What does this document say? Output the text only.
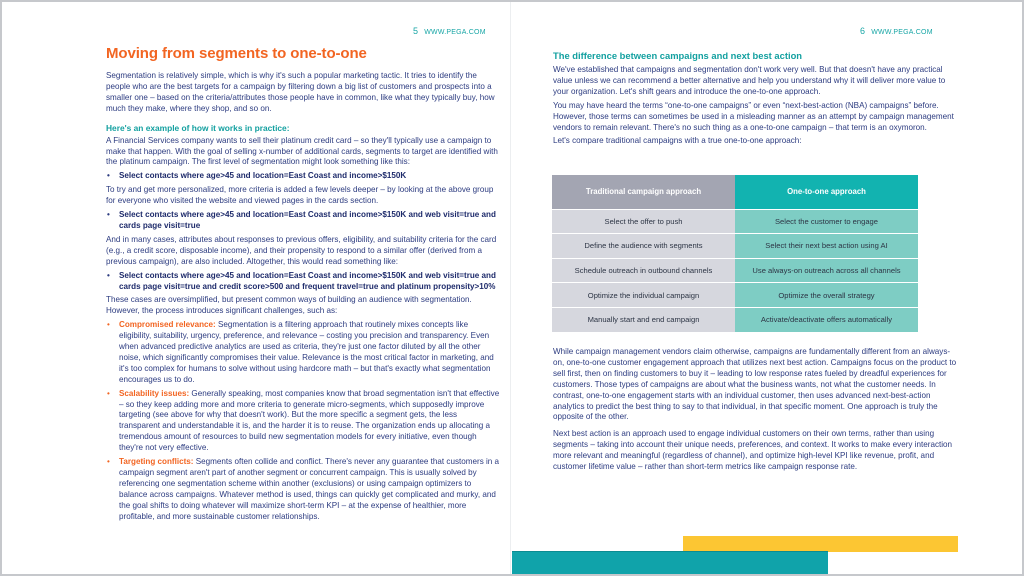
5 WWW.PEGA.COM
Moving from segments to one-to-one

Segmentation is relatively simple, which is why it's such a popular marketing tactic. It tries to identify the people who are the best targets for a campaign by filtering down a big list of customers and prospects into a smaller one – based on the criteria/attributes those people have in common, like what they typically buy, how much they make, where they shop, and so on.

Here's an example of how it works in practice:

A Financial Services company wants to sell their platinum credit card – so they'll typically use a campaign to make that happen. With the goal of selling x-number of additional cards, segments to target are identified with the platinum campaign. The first level of segmentation might look something like this:

• Select contacts where age>45 and location=East Coast and income>$150K

To try and get more personalized, more criteria is added a few levels deeper – by looking at the above group for everyone who visited the website and viewed pages in the cards section.

• Select contacts where age>45 and location=East Coast and income>$150K and web visit=true and cards page visit=true

And in many cases, attributes about responses to previous offers, eligibility, and suitability criteria for the card (e.g., a credit score, disposable income), and their propensity to respond to a similar offer (derived from a previous campaign), are also included. Altogether, this would read something like:

• Select contacts where age>45 and location=East Coast and income>$150K and web visit=true and cards page visit=true and credit score>500 and frequent travel=true and platinum propensity>10%

These cases are oversimplified, but present common ways of building an audience with segmentation. However, the process introduces significant challenges, such as:

• Compromised relevance: Segmentation is a filtering approach that routinely mixes concepts like eligibility, suitability, urgency, preference, and relevance – costing you precision and transparency. Even when advanced predictive analytics are used as criteria, they're just one factor diluted by all the other noise, which significantly compromises their value. Relevance is the most critical factor in marketing, and it's too complex for humans to solve without using hardcore math – but that's exactly what segmentation encourages us to do.
• Scalability issues: Generally speaking, most companies know that broad segmentation isn't that effective – so they keep adding more and more criteria to generate micro-segments, which supposedly improve targeting (see above for why that doesn't work). But the more specific a segment gets, the less transparent and understandable it is, and the harder it is to reuse. The organization ends up allocating a tremendous amount of resources to build new segmentation models for every initiative, even though they're not very effective.
• Targeting conflicts: Segments often collide and conflict. There's never any guarantee that customers in a campaign segment aren't part of another segment or concurrent campaign. This is usually solved by referencing one segmentation scheme within another (exclusions) or using campaign optimizers to balance across campaigns. Whatever method is used, things can quickly get complicated and murky, and the goal shifts to doing whatever will maximize short-term KPI – at the expense of healthier, more profitable, and more sustainable customer relationships.
6 WWW.PEGA.COM
The difference between campaigns and next best action

We've established that campaigns and segmentation don't work very well. But that doesn't have any practical value unless we can recommend a better alternative and help you understand why it will deliver more value to your organization. Let's shift gears and introduce the one-to-one approach.

You may have heard the terms “one-to-one campaigns” or even “next-best-action (NBA) campaigns” before. However, those terms can sometimes be used in a misleading manner as an attempt by campaign management vendors to remain relevant. There's no such thing as a one-to-one campaign – that term is an oxymoron.

Let's compare traditional campaigns with a true one-to-one approach:

Traditional campaign approach	One-to-one approach
Select the offer to push	Select the customer to engage
Define the audience with segments	Select their next best action using AI
Schedule outreach in outbound channels	Use always-on outreach across all channels
Optimize the individual campaign	Optimize the overall strategy
Manually start and end campaign	Activate/deactivate offers automatically

While campaign management vendors claim otherwise, campaigns are fundamentally different from an always-on, one-to-one customer engagement approach that utilizes next best action. Campaigns focus on the product to sell first, then on finding customers to buy it – leading to low response rates fueled by dreadful experiences for customers. Those types of campaigns are about what the business wants, not what the customer needs. In contrast, one-to-one engagement starts with an individual customer, then uses advanced next-best-action analytics to predict the best thing to say to that individual, in that specific moment. One approach is truly the opposite of the other.

Next best action is an approach used to engage individual customers on their own terms, rather than using segments – taking into account their unique needs, preferences, and context. It works to make every interaction more relevant and meaningful (regardless of channel), and optimize high-level KPI like revenue, profit, and customer lifetime value – rather than short-term metrics like campaign response rate.
